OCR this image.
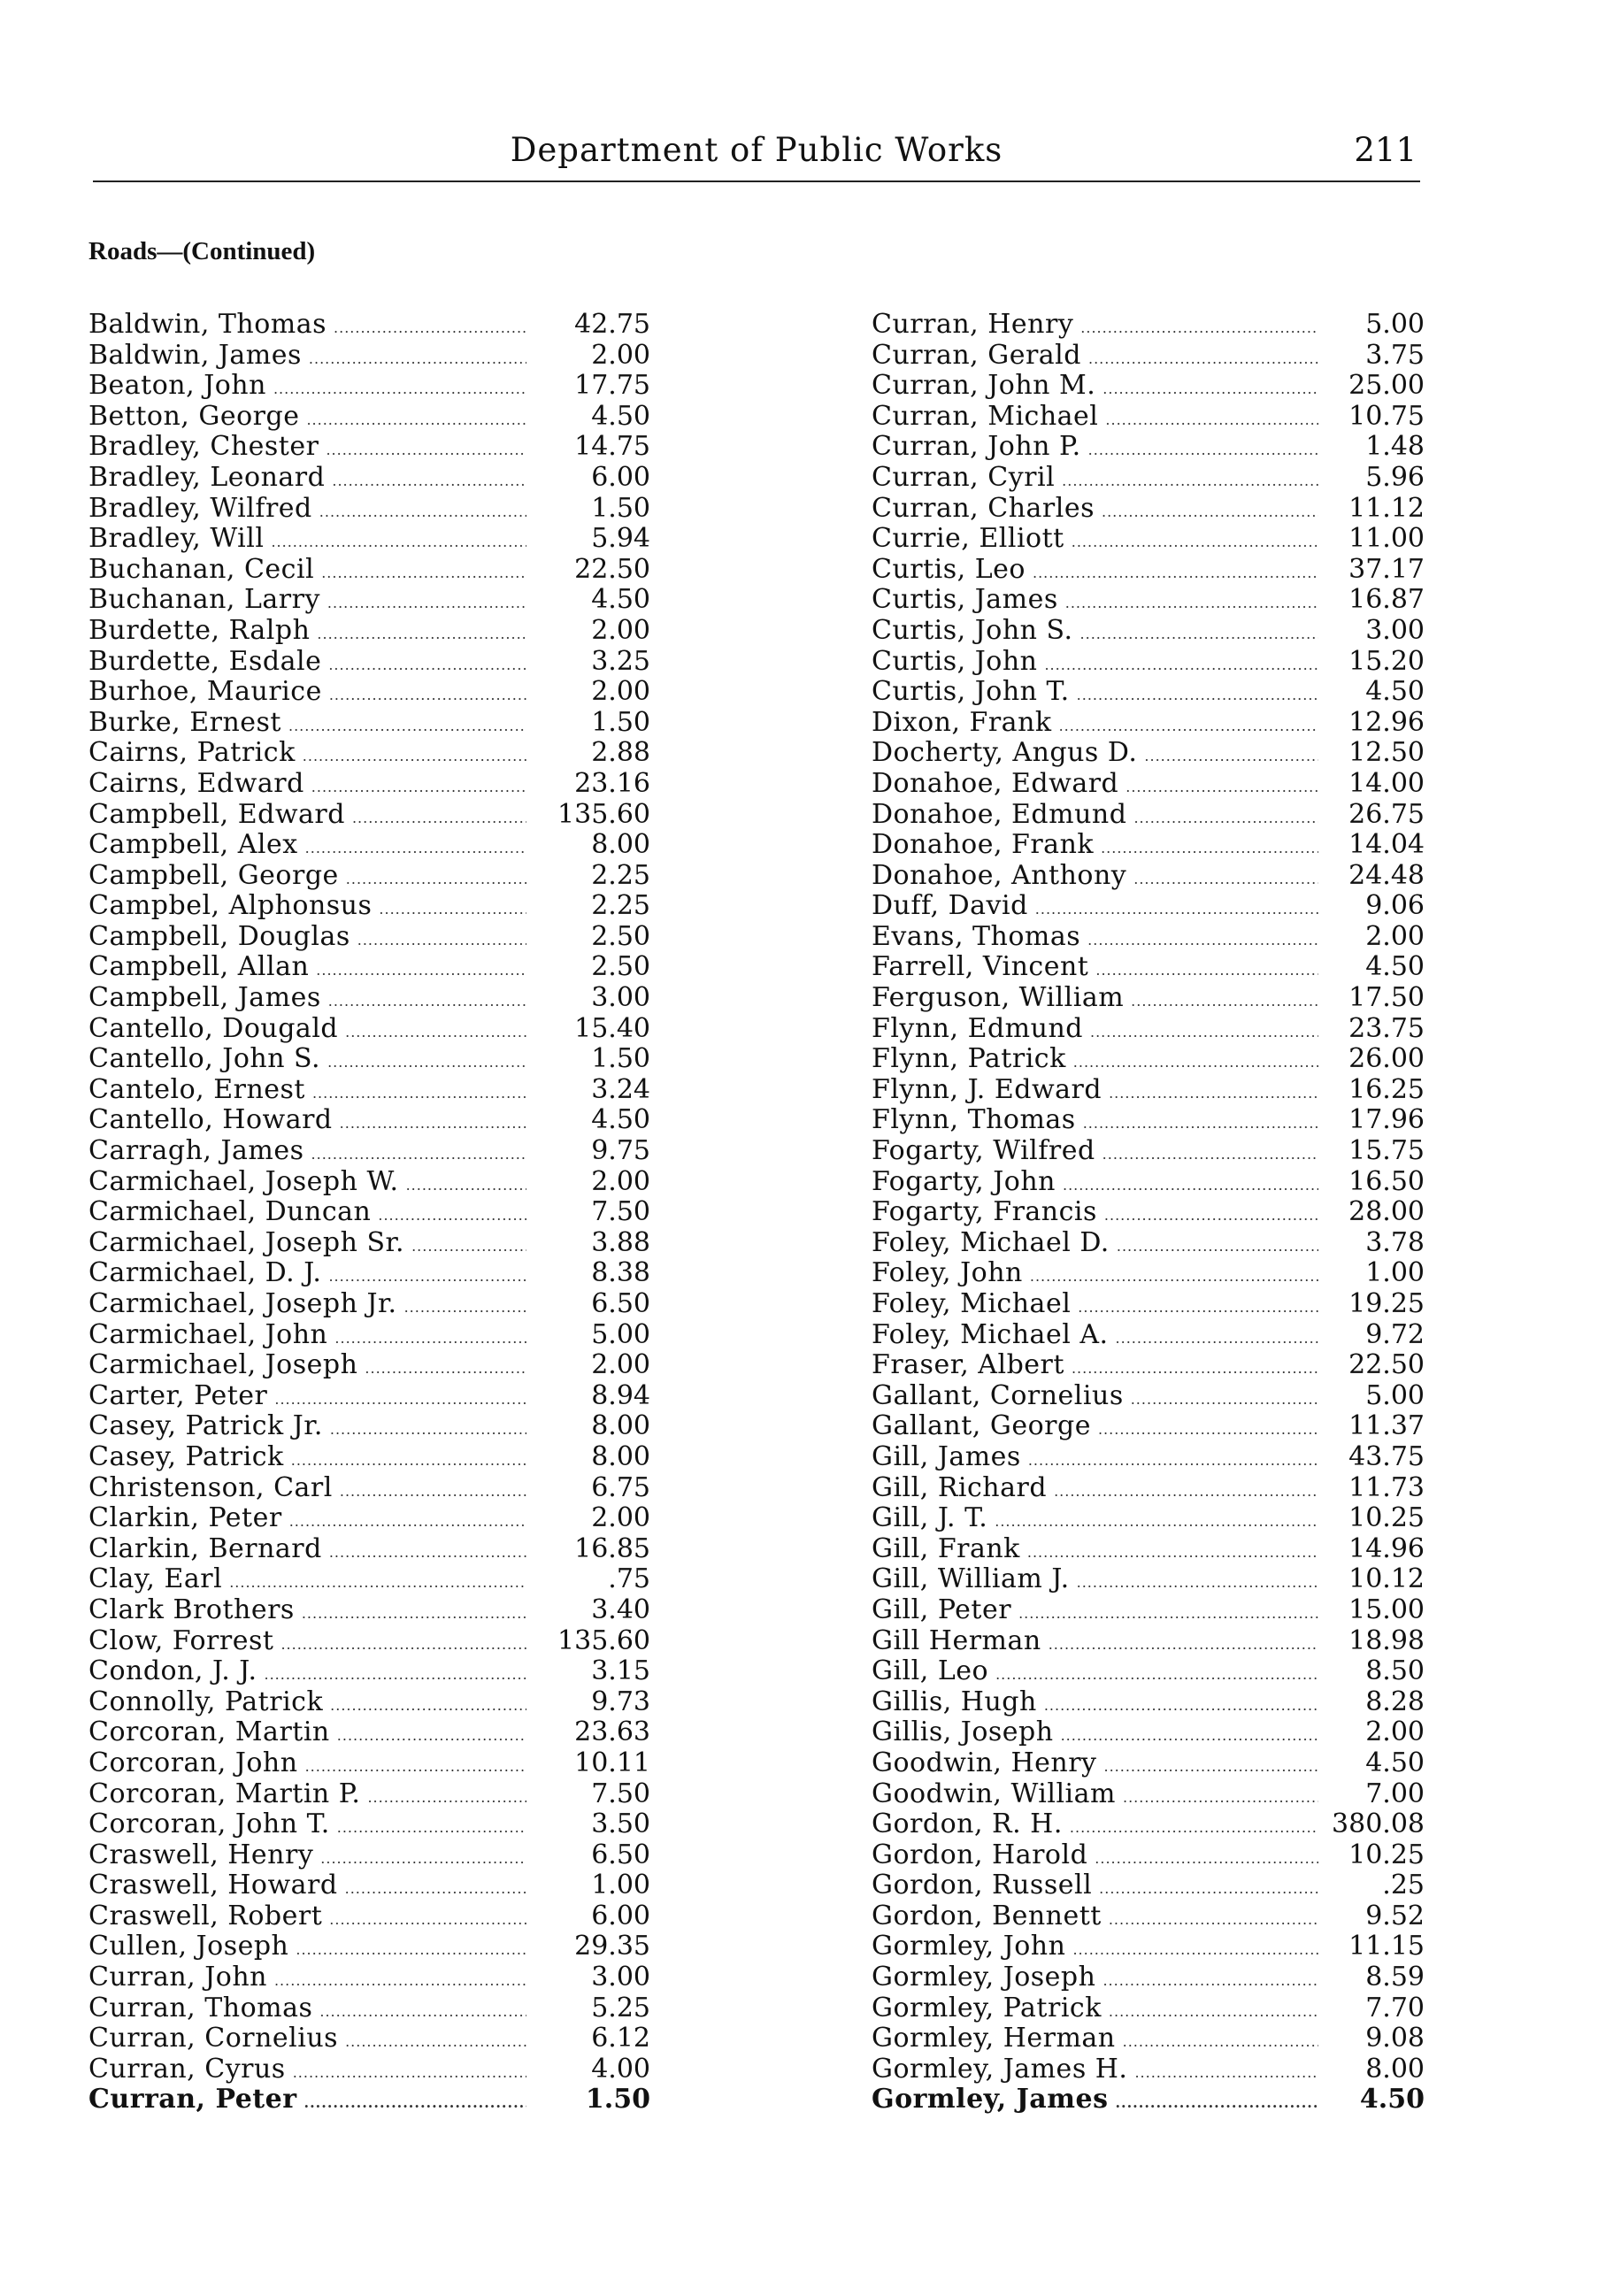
Department of Public Works	211
Roads—(Continued)
Baldwin, Thomas .....	42.75
Baldwin, James .....	2.00
Beaton, John .....	17.75
Betton, George .....	4.50
Bradley, Chester .....	14.75
Bradley, Leonard .....	6.00
Bradley, Wilfred .....	1.50
Bradley, Will .....	5.94
Buchanan, Cecil .....	22.50
Buchanan, Larry .....	4.50
Burdette, Ralph .....	2.00
Burdette, Esdale .....	3.25
Burhoe, Maurice .....	2.00
Burke, Ernest .....	1.50
Cairns, Patrick .....	2.88
Cairns, Edward .....	23.16
Campbell, Edward .....	135.60
Campbell, Alex .....	8.00
Campbell, George .....	2.25
Campbel, Alphonsus .....	2.25
Campbell, Douglas .....	2.50
Campbell, Allan .....	2.50
Campbell, James .....	3.00
Cantello, Dougald .....	15.40
Cantello, John S. .....	1.50
Cantelo, Ernest .....	3.24
Cantello, Howard .....	4.50
Carragh, James .....	9.75
Carmichael, Joseph W. .....	2.00
Carmichael, Duncan .....	7.50
Carmichael, Joseph Sr. .....	3.88
Carmichael, D. J. .....	8.38
Carmichael, Joseph Jr. .....	6.50
Carmichael, John .....	5.00
Carmichael, Joseph .....	2.00
Carter, Peter .....	8.94
Casey, Patrick Jr. .....	8.00
Casey, Patrick .....	8.00
Christenson, Carl .....	6.75
Clarkin, Peter .....	2.00
Clarkin, Bernard .....	16.85
Clay, Earl .....	.75
Clark Brothers .....	3.40
Clow, Forrest .....	135.60
Condon, J. J. .....	3.15
Connolly, Patrick .....	9.73
Corcoran, Martin .....	23.63
Corcoran, John .....	10.11
Corcoran, Martin P. .....	7.50
Corcoran, John T. .....	3.50
Craswell, Henry .....	6.50
Craswell, Howard .....	1.00
Craswell, Robert .....	6.00
Cullen, Joseph .....	29.35
Curran, John .....	3.00
Curran, Thomas .....	5.25
Curran, Cornelius .....	6.12
Curran, Cyrus .....	4.00
Curran, Peter .....	1.50
Curran, Henry .....	5.00
Curran, Gerald .....	3.75
Curran, John M. .....	25.00
Curran, Michael .....	10.75
Curran, John P. .....	1.48
Curran, Cyril .....	5.96
Curran, Charles .....	11.12
Currie, Elliott .....	11.00
Curtis, Leo .....	37.17
Curtis, James .....	16.87
Curtis, John S. .....	3.00
Curtis, John .....	15.20
Curtis, John T. .....	4.50
Dixon, Frank .....	12.96
Docherty, Angus D. .....	12.50
Donahoe, Edward .....	14.00
Donahoe, Edmund .....	26.75
Donahoe, Frank .....	14.04
Donahoe, Anthony .....	24.48
Duff, David .....	9.06
Evans, Thomas .....	2.00
Farrell, Vincent .....	4.50
Ferguson, William .....	17.50
Flynn, Edmund .....	23.75
Flynn, Patrick .....	26.00
Flynn, J. Edward .....	16.25
Flynn, Thomas .....	17.96
Fogarty, Wilfred .....	15.75
Fogarty, John .....	16.50
Fogarty, Francis .....	28.00
Foley, Michael D. .....	3.78
Foley, John .....	1.00
Foley, Michael .....	19.25
Foley, Michael A. .....	9.72
Fraser, Albert .....	22.50
Gallant, Cornelius .....	5.00
Gallant, George .....	11.37
Gill, James .....	43.75
Gill, Richard .....	11.73
Gill, J. T. .....	10.25
Gill, Frank .....	14.96
Gill, William J. .....	10.12
Gill, Peter .....	15.00
Gill Herman .....	18.98
Gill, Leo .....	8.50
Gillis, Hugh .....	8.28
Gillis, Joseph .....	2.00
Goodwin, Henry .....	4.50
Goodwin, William .....	7.00
Gordon, R. H. .....	380.08
Gordon, Harold .....	10.25
Gordon, Russell .....	.25
Gordon, Bennett .....	9.52
Gormley, John .....	11.15
Gormley, Joseph .....	8.59
Gormley, Patrick .....	7.70
Gormley, Herman .....	9.08
Gormley, James H. .....	8.00
Gormley, James .....	4.50
